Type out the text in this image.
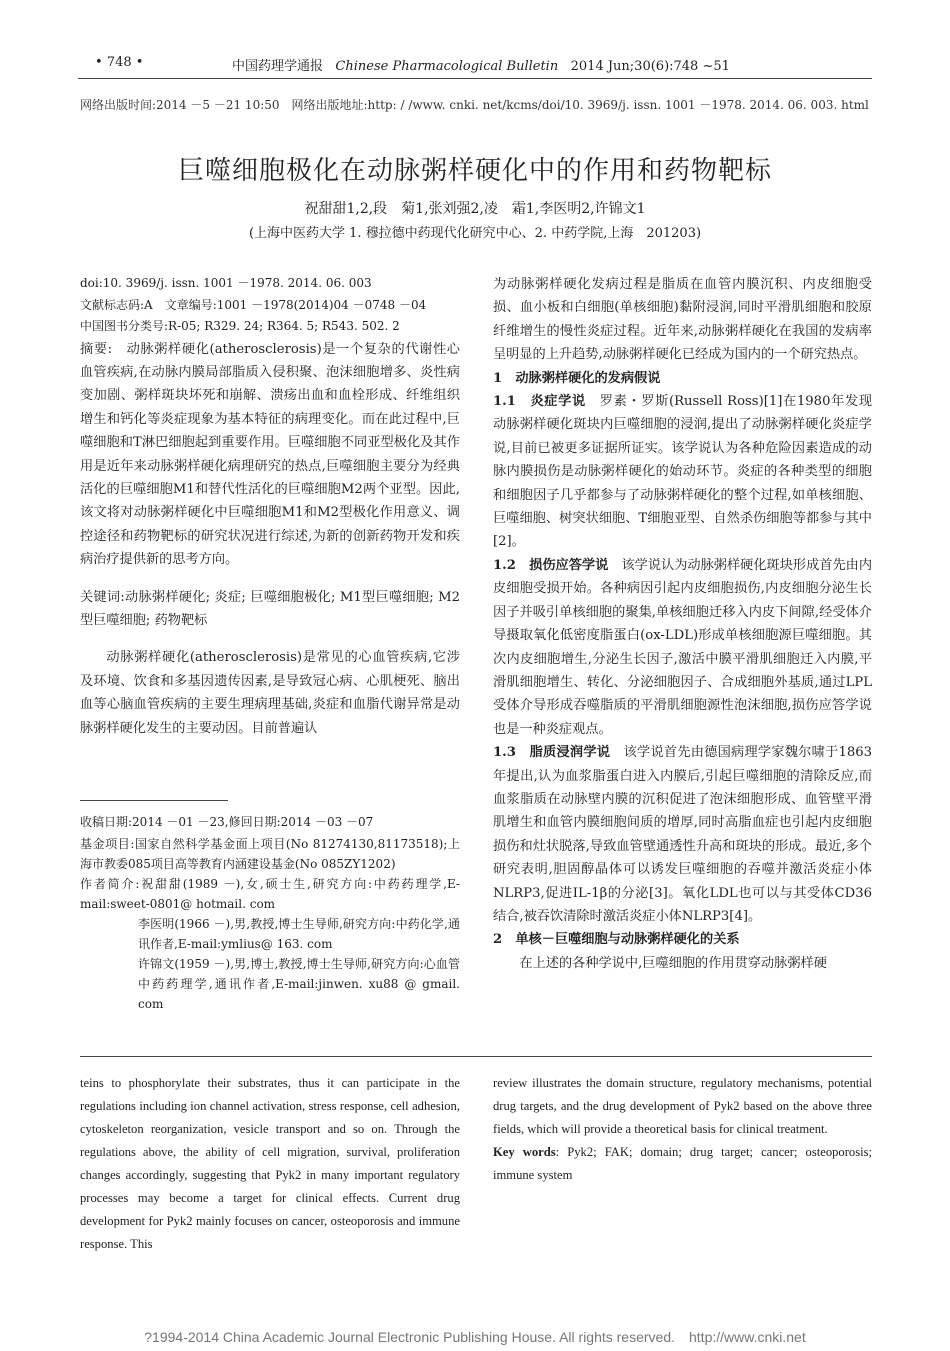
• 748 •	中国药理学通报 Chinese Pharmacological Bulletin 2014 Jun;30(6):748 ~51
网络出版时间:2014 －5 －21 10:50　网络出版地址:http: / /www. cnki. net/kcms/doi/10. 3969/j. issn. 1001 －1978. 2014. 06. 003. html
巨噬细胞极化在动脉粥样硬化中的作用和药物靶标
祝甜甜1,2,段　菊1,张刘强2,凌　霜1,李医明2,许锦文1
(上海中医药大学 1. 穆拉德中药现代化研究中心、2. 中药学院,上海　201203)

doi:10. 3969/j. issn. 1001 －1978. 2014. 06. 003

文献标志码:A　文章编号:1001 －1978(2014)04 －0748 －04

中国图书分类号:R-05; R329. 24; R364. 5; R543. 502. 2

摘要:　动脉粥样硬化(atherosclerosis)是一个复杂的代谢性心血管疾病,在动脉内膜局部脂质入侵积聚、泡沫细胞增多、炎性病变加剧、粥样斑块坏死和崩解、溃疡出血和血栓形成、纤维组织增生和钙化等炎症现象为基本特征的病理变化。而在此过程中,巨噬细胞和T淋巴细胞起到重要作用。巨噬细胞不同亚型极化及其作用是近年来动脉粥样硬化病理研究的热点,巨噬细胞主要分为经典活化的巨噬细胞M1和替代性活化的巨噬细胞M2两个亚型。因此,该文将对动脉粥样硬化中巨噬细胞M1和M2型极化作用意义、调控途径和药物靶标的研究状况进行综述,为新的创新药物开发和疾病治疗提供新的思考方向。

关键词:动脉粥样硬化; 炎症; 巨噬细胞极化; M1型巨噬细胞; M2型巨噬细胞; 药物靶标

动脉粥样硬化(atherosclerosis)是常见的心血管疾病,它涉及环境、饮食和多基因遗传因素,是导致冠心病、心肌梗死、脑出血等心脑血管疾病的主要生理病理基础,炎症和血脂代谢异常是动脉粥样硬化发生的主要动因。目前普遍认

收稿日期:2014 －01 －23,修回日期:2014 －03 －07

基金项目:国家自然科学基金面上项目(No 81274130,81173518);上海市教委085项目高等教育内涵建设基金(No 085ZY1202)

作者简介:祝甜甜(1989 －),女,硕士生,研究方向:中药药理学,E-mail:sweet-0801@ hotmail. com

李医明(1966 －),男,教授,博士生导师,研究方向:中药化学,通讯作者,E-mail:ymlius@ 163. com

许锦文(1959 －),男,博士,教授,博士生导师,研究方向:心血管中药药理学,通讯作者,E-mail:jinwen. xu88 @ gmail. com

为动脉粥样硬化发病过程是脂质在血管内膜沉积、内皮细胞受损、血小板和白细胞(单核细胞)黏附浸润,同时平滑肌细胞和胶原纤维增生的慢性炎症过程。近年来,动脉粥样硬化在我国的发病率呈明显的上升趋势,动脉粥样硬化已经成为国内的一个研究热点。

1　动脉粥样硬化的发病假说

1.1　炎症学说　 罗素・罗斯(Russell Ross)[1]在1980年发现动脉粥样硬化斑块内巨噬细胞的浸润,提出了动脉粥样硬化炎症学说,目前已被更多证据所证实。该学说认为各种危险因素造成的动脉内膜损伤是动脉粥样硬化的始动环节。炎症的各种类型的细胞和细胞因子几乎都参与了动脉粥样硬化的整个过程,如单核细胞、巨噬细胞、树突状细胞、T细胞亚型、自然杀伤细胞等都参与其中[2]。

1.2　损伤应答学说　 该学说认为动脉粥样硬化斑块形成首先由内皮细胞受损开始。各种病因引起内皮细胞损伤,内皮细胞分泌生长因子并吸引单核细胞的聚集,单核细胞迁移入内皮下间隙,经受体介导摄取氧化低密度脂蛋白(ox-LDL)形成单核细胞源巨噬细胞。其次内皮细胞增生,分泌生长因子,激活中膜平滑肌细胞迁入内膜,平滑肌细胞增生、转化、分泌细胞因子、合成细胞外基质,通过LPL受体介导形成吞噬脂质的平滑肌细胞源性泡沫细胞,损伤应答学说也是一种炎症观点。

1.3　脂质浸润学说　 该学说首先由德国病理学家魏尔啸于1863年提出,认为血浆脂蛋白进入内膜后,引起巨噬细胞的清除反应,而血浆脂质在动脉壁内膜的沉积促进了泡沫细胞形成、血管壁平滑肌增生和血管内膜细胞间质的增厚,同时高脂血症也引起内皮细胞损伤和灶状脱落,导致血管壁通透性升高和斑块的形成。最近,多个研究表明,胆固醇晶体可以诱发巨噬细胞的吞噬并激活炎症小体NLRP3,促进IL-1β的分泌[3]。氧化LDL也可以与其受体CD36结合,被吞饮清除时激活炎症小体NLRP3[4]。

2　单核－巨噬细胞与动脉粥样硬化的关系

在上述的各种学说中,巨噬细胞的作用贯穿动脉粥样硬

teins to phosphorylate their substrates, thus it can participate in the regulations including ion channel activation, stress response, cell adhesion, cytoskeleton reorganization, vesicle transport and so on. Through the regulations above, the ability of cell migration, survival, proliferation changes accordingly, suggesting that Pyk2 in many important regulatory processes may become a target for clinical effects. Current drug development for Pyk2 mainly focuses on cancer, osteoporosis and immune response. This

review illustrates the domain structure, regulatory mechanisms, potential drug targets, and the drug development of Pyk2 based on the above three fields, which will provide a theoretical basis for clinical treatment.

Key words: Pyk2; FAK; domain; drug target; cancer; osteoporosis; immune system

?1994-2014 China Academic Journal Electronic Publishing House. All rights reserved.　http://www.cnki.net
